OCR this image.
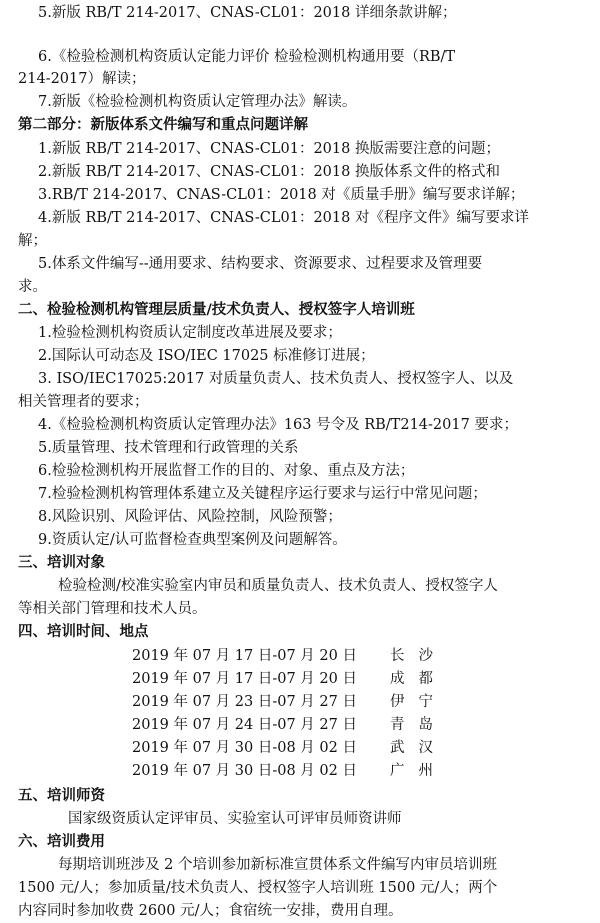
5.新版 RB/T 214-2017、CNAS-CL01：2018 详细条款讲解；
6.《检验检测机构资质认定能力评价 检验检测机构通用要（RB/T
214-2017）解读；
7.新版《检验检测机构资质认定管理办法》解读。
第二部分：新版体系文件编写和重点问题详解
1.新版 RB/T 214-2017、CNAS-CL01：2018 换版需要注意的问题；
2.新版 RB/T 214-2017、CNAS-CL01：2018 换版体系文件的格式和
3.RB/T 214-2017、CNAS-CL01：2018 对《质量手册》编写要求详解；
4.新版 RB/T 214-2017、CNAS-CL01：2018 对《程序文件》编写要求详
解；
5.体系文件编写--通用要求、结构要求、资源要求、过程要求及管理要
求。
二、检验检测机构管理层质量/技术负责人、授权签字人培训班
1.检验检测机构资质认定制度改革进展及要求；
2.国际认可动态及 ISO/IEC 17025 标准修订进展；
3. ISO/IEC17025:2017 对质量负责人、技术负责人、授权签字人、以及
相关管理者的要求；
4.《检验检测机构资质认定管理办法》163 号令及 RB/T214-2017 要求；
5.质量管理、技术管理和行政管理的关系
6.检验检测机构开展监督工作的目的、对象、重点及方法；
7.检验检测机构管理体系建立及关键程序运行要求与运行中常见问题；
8.风险识别、风险评估、风险控制，风险预警；
9.资质认定/认可监督检查典型案例及问题解答。
三、培训对象
检验检测/校准实验室内审员和质量负责人、技术负责人、授权签字人
等相关部门管理和技术人员。
四、培训时间、地点
2019 年 07 月 17 日-07 月 20 日 长沙
2019 年 07 月 17 日-07 月 20 日 成都
2019 年 07 月 23 日-07 月 27 日 伊宁
2019 年 07 月 24 日-07 月 27 日 青岛
2019 年 07 月 30 日-08 月 02 日 武汉
2019 年 07 月 30 日-08 月 02 日 广州
五、培训师资
国家级资质认定评审员、实验室认可评审员师资讲师
六、培训费用
每期培训班涉及 2 个培训参加新标准宣贯体系文件编写内审员培训班
1500 元/人；参加质量/技术负责人、授权签字人培训班 1500 元/人；两个
内容同时参加收费 2600 元/人；食宿统一安排，费用自理。
